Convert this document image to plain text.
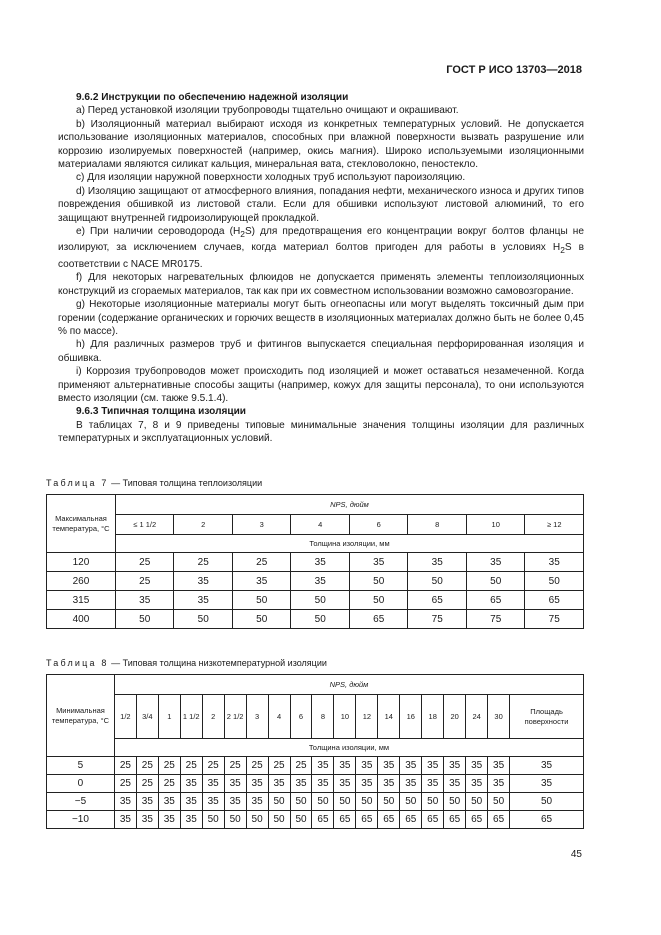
ГОСТ Р ИСО 13703—2018

9.6.2 Инструкции по обеспечению надежной изоляции

а) Перед установкой изоляции трубопроводы тщательно очищают и окрашивают.

b) Изоляционный материал выбирают исходя из конкретных температурных условий. Не допускается использование изоляционных материалов, способных при влажной поверхности вызвать разрушение или коррозию изолируемых поверхностей (например, окись магния). Широко используемыми изоляционными материалами являются силикат кальция, минеральная вата, стекловолокно, пеностекло.

с) Для изоляции наружной поверхности холодных труб используют пароизоляцию.

d) Изоляцию защищают от атмосферного влияния, попадания нефти, механического износа и других типов повреждения обшивкой из листовой стали. Если для обшивки используют листовой алюминий, то его защищают внутренней гидроизолирующей прокладкой.

е) При наличии сероводорода $(H_2S)$ для предотвращения его концентрации вокруг болтов фланцы не изолируют, за исключением случаев, когда материал болтов пригоден для работы в условиях $H_2S$ в соответствии с NACE MR0175.

f) Для некоторых нагревательных флюидов не допускается применять элементы теплоизоляционных конструкций из сгораемых материалов, так как при их совместном использовании возможно самовозгорание.

g) Некоторые изоляционные материалы могут быть огнеопасны или могут выделять токсичный дым при горении (содержание органических и горючих веществ в изоляционных материалах должно быть не более 0,45 % по массе).

h) Для различных размеров труб и фитингов выпускается специальная перфорированная изоляция и обшивка.

i) Коррозия трубопроводов может происходить под изоляцией и может оставаться незамеченной. Когда применяют альтернативные способы защиты (например, кожух для защиты персонала), то они используются вместо изоляции (см. также 9.5.1.4).

9.6.3 Типичная толщина изоляции

В таблицах 7, 8 и 9 приведены типовые минимальные значения толщины изоляции для различных температурных и эксплуатационных условий.

Таблица 7 — Типовая толщина теплоизоляции
Максимальная температура, °С	NPS, дюйм							
	≤ 1 1/2	2	3	4	6	8	10	≥ 12
	Толщина изоляции, мм							
120	25	25	25	35	35	35	35	35
260	25	35	35	35	50	50	50	50
315	35	35	50	50	50	65	65	65
400	50	50	50	50	65	75	75	75
Таблица 8 — Типовая толщина низкотемпературной изоляции
Минимальная температура, °С	NPS, дюйм																		
	1/2	3/4	1	1 1/2	2	2 1/2	3	4	6	8	10	12	14	16	18	20	24	30	Площадь поверхности
	Толщина изоляции, мм																		
5	25	25	25	25	25	25	25	25	25	35	35	35	35	35	35	35	35	35	35
0	25	25	25	35	35	35	35	35	35	35	35	35	35	35	35	35	35	35	35
−5	35	35	35	35	35	35	35	50	50	50	50	50	50	50	50	50	50	50	50
−10	35	35	35	35	50	50	50	50	50	65	65	65	65	65	65	65	65	65	65
45
